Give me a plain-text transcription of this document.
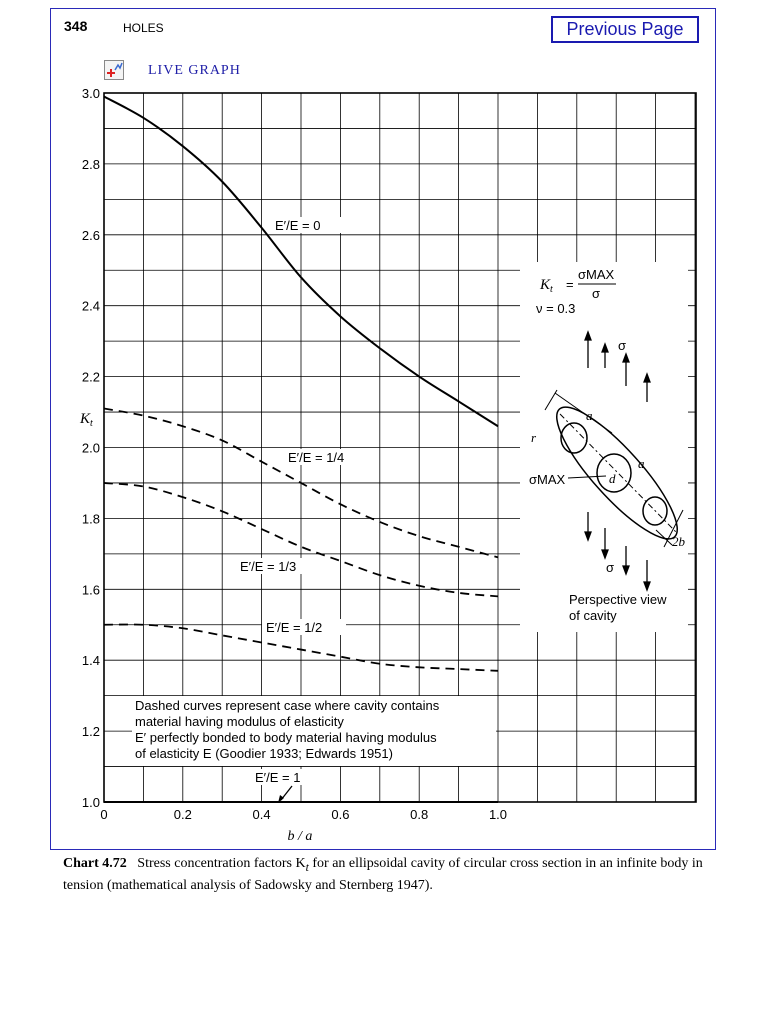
348	HOLES	Previous Page
LIVE GRAPH
0	0.2	0.4	0.6	0.8	1.0
1.0
1.2
1.4
1.6
1.8
2.0
2.2
2.4
2.6
2.8
3.0
$K_t$
b / a
E′/E = 0
E′/E = 1/4
E′/E = 1/3
E′/E = 1/2
Dashed curves represent case where cavity contains
material having modulus of elasticity
E′ perfectly bonded to body material having modulus
of elasticity E (Goodier 1933; Edwards 1951)
E′/E = 1
$K_t$ =
σMAX
σ
ν = 0.3
σ
σ
a
a
r
d
σMAX
2b
Perspective view
of cavity
Chart 4.72 Stress concentration factors $K_t$ for an ellipsoidal cavity of circular cross section in an infinite body in tension (mathematical analysis of Sadowsky and Sternberg 1947).
